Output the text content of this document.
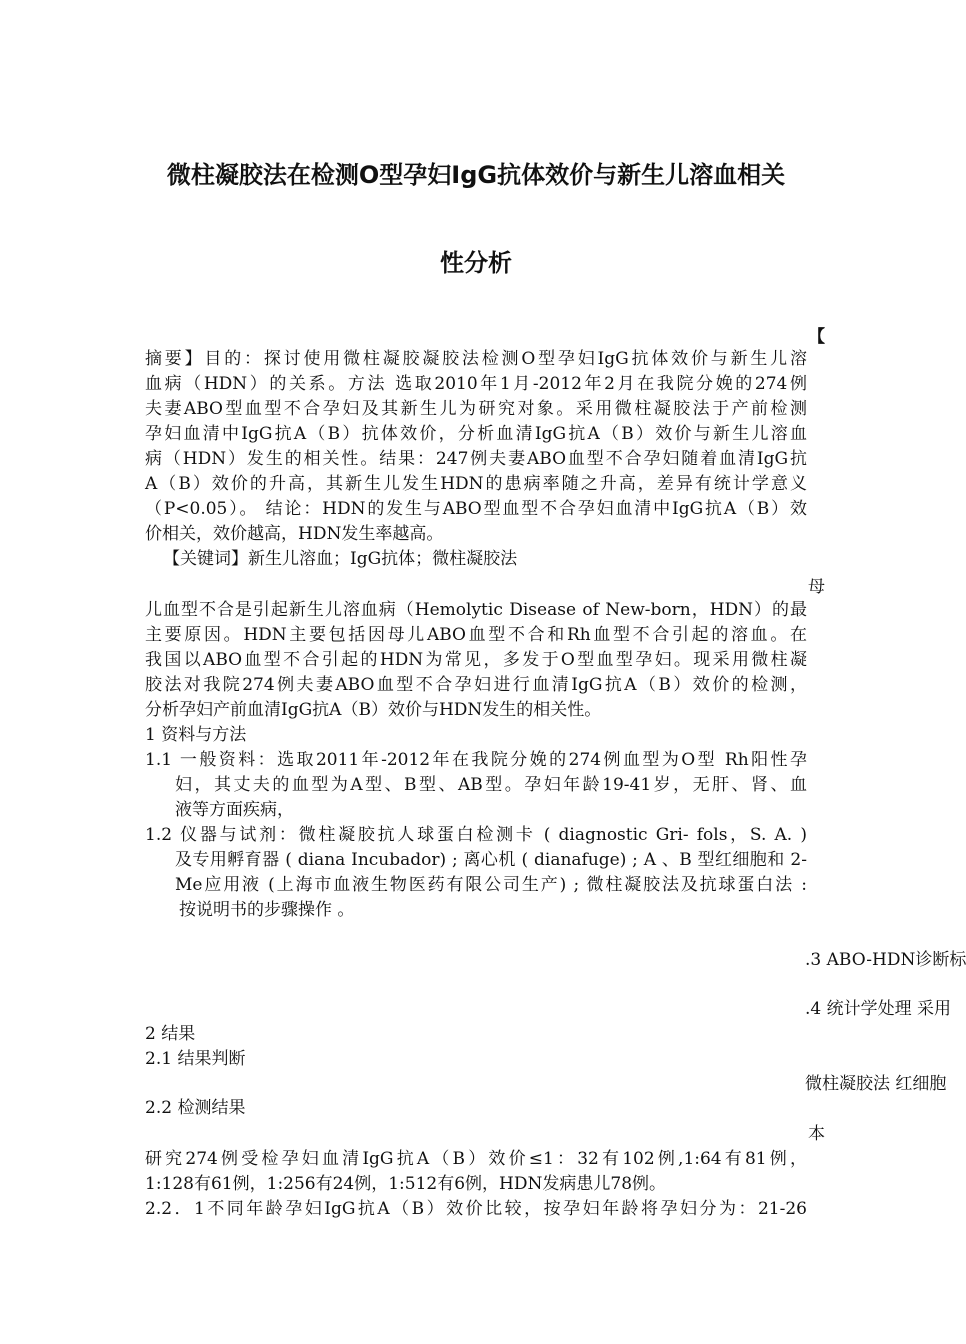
微柱凝胶法在检测O型孕妇IgG抗体效价与新生儿溶血相关
性分析
【
摘要】目的：探讨使用微柱凝胶凝胶法检测O型孕妇IgG抗体效价与新生儿溶
血病（HDN）的关系。方法 选取2010年1月-2012年2月在我院分娩的274例
夫妻ABO型血型不合孕妇及其新生儿为研究对象。采用微柱凝胶法于产前检测
孕妇血清中IgG抗A（B）抗体效价，分析血清IgG抗A（B）效价与新生儿溶血
病（HDN）发生的相关性。结果：247例夫妻ABO血型不合孕妇随着血清IgG抗
A（B）效价的升高，其新生儿发生HDN的患病率随之升高，差异有统计学意义
（P<0.05）。 结论：HDN的发生与ABO型血型不合孕妇血清中IgG抗A（B）效
价相关，效价越高，HDN发生率越高。
【关键词】新生儿溶血；IgG抗体；微柱凝胶法
母
儿血型不合是引起新生儿溶血病（Hemolytic Disease of New-born，HDN）的最
主要原因。HDN主要包括因母儿ABO血型不合和Rh血型不合引起的溶血。在
我国以ABO血型不合引起的HDN为常见，多发于O型血型孕妇。现采用微柱凝
胶法对我院274例夫妻ABO血型不合孕妇进行血清IgG抗A（B）效价的检测，
分析孕妇产前血清IgG抗A（B）效价与HDN发生的相关性。
1 资料与方法
1.1 一般资料：选取2011年-2012年在我院分娩的274例血型为O型 Rh阳性孕
妇，其丈夫的血型为A型、B型、AB型。孕妇年龄19-41岁，无肝、肾、血
液等方面疾病，
1.2 仪器与试剂：微柱凝胶抗人球蛋白检测卡 ( diagnostic Gri- fols，S. A. )
及专用孵育器 ( diana Incubador) ; 离心机 ( dianafuge) ; A 、B 型红细胞和 2-
Me应用液 (上海市血液生物医药有限公司生产) ; 微柱凝胶法及抗球蛋白法 :
按说明书的步骤操作 。
.3 ABO-HDN诊断标
.4 统计学处理 采用
2 结果
2.1 结果判断
2.2 检测结果
研究274例受检孕妇血清IgG抗A（B）效价≤1：32有102例,1:64有81例，
1:128有61例，1:256有24例，1:512有6例，HDN发病患儿78例。
2.2．1不同年龄孕妇IgG抗A（B）效价比较，按孕妇年龄将孕妇分为：21-26
微柱凝胶法 红细胞
本
